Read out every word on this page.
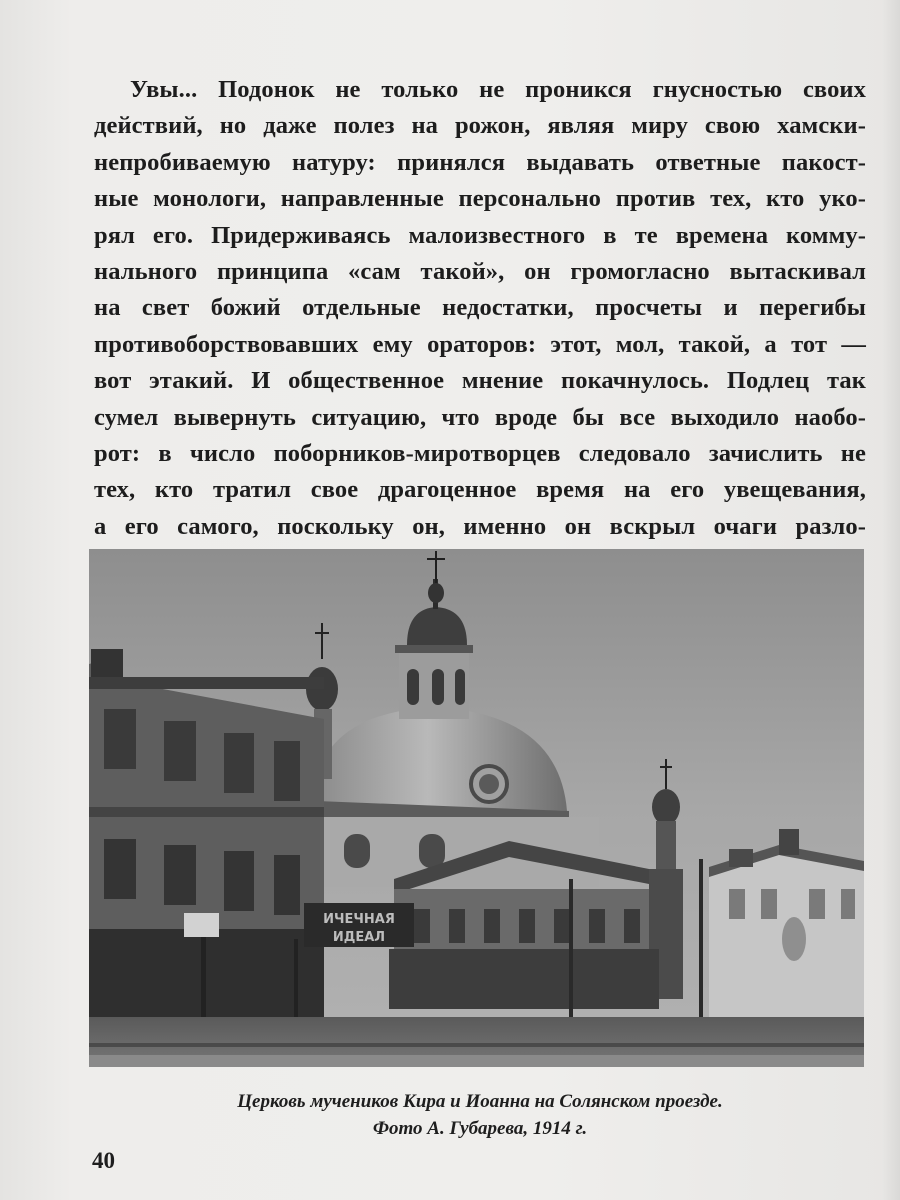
Увы... Подонок не только не проникся гнусностью своих
действий, но даже полез на рожон, являя миру свою хамски-
непробиваемую натуру: принялся выдавать ответные пакост-
ные монологи, направленные персонально против тех, кто уко-
рял его. Придерживаясь малоизвестного в те времена комму-
нального принципа «сам такой», он громогласно вытаскивал
на свет божий отдельные недостатки, просчеты и перегибы
противоборствовавших ему ораторов: этот, мол, такой, а тот —
вот этакий. И общественное мнение покачнулось. Подлец так
сумел вывернуть ситуацию, что вроде бы все выходило наобо-
рот: в число поборников-миротворцев следовало зачислить не
тех, кто тратил свое драгоценное время на его увещевания,
а его самого, поскольку он, именно он вскрыл очаги разло-
ИЧЕЧНАЯ
ИДЕАЛ
Церковь мучеников Кира и Иоанна на Солянском проезде.
Фото А. Губарева, 1914 г.
40
